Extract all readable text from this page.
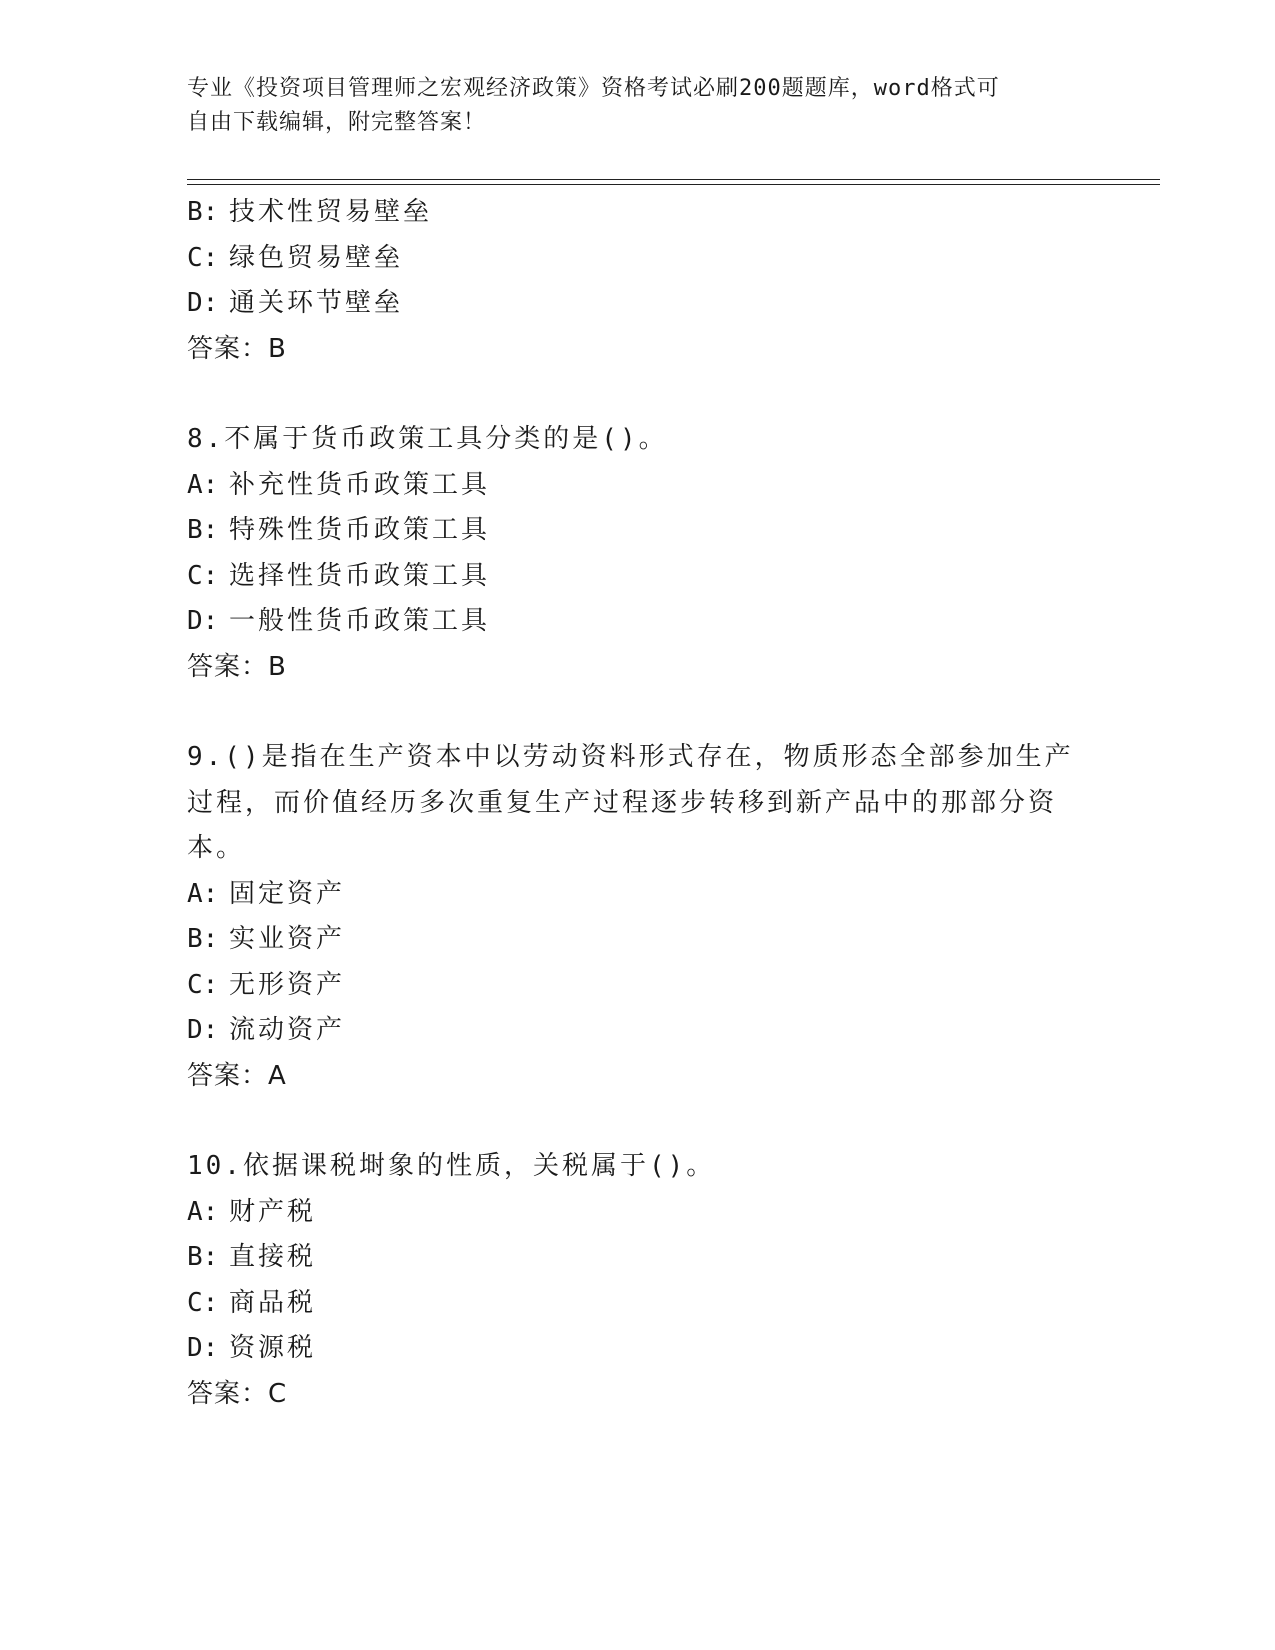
专业《投资项目管理师之宏观经济政策》资格考试必刷200题题库，word格式可
自由下载编辑，附完整答案！
B: 技术性贸易壁垒
C: 绿色贸易壁垒
D: 通关环节壁垒
答案：B
8.不属于货币政策工具分类的是()。
A: 补充性货币政策工具
B: 特殊性货币政策工具
C: 选择性货币政策工具
D: 一般性货币政策工具
答案：B
9.()是指在生产资本中以劳动资料形式存在，物质形态全部参加生产
过程，而价值经历多次重复生产过程逐步转移到新产品中的那部分资
本。
A: 固定资产
B: 实业资产
C: 无形资产
D: 流动资产
答案：A
10.依据课税埘象的性质，关税属于()。
A: 财产税
B: 直接税
C: 商品税
D: 资源税
答案：C
